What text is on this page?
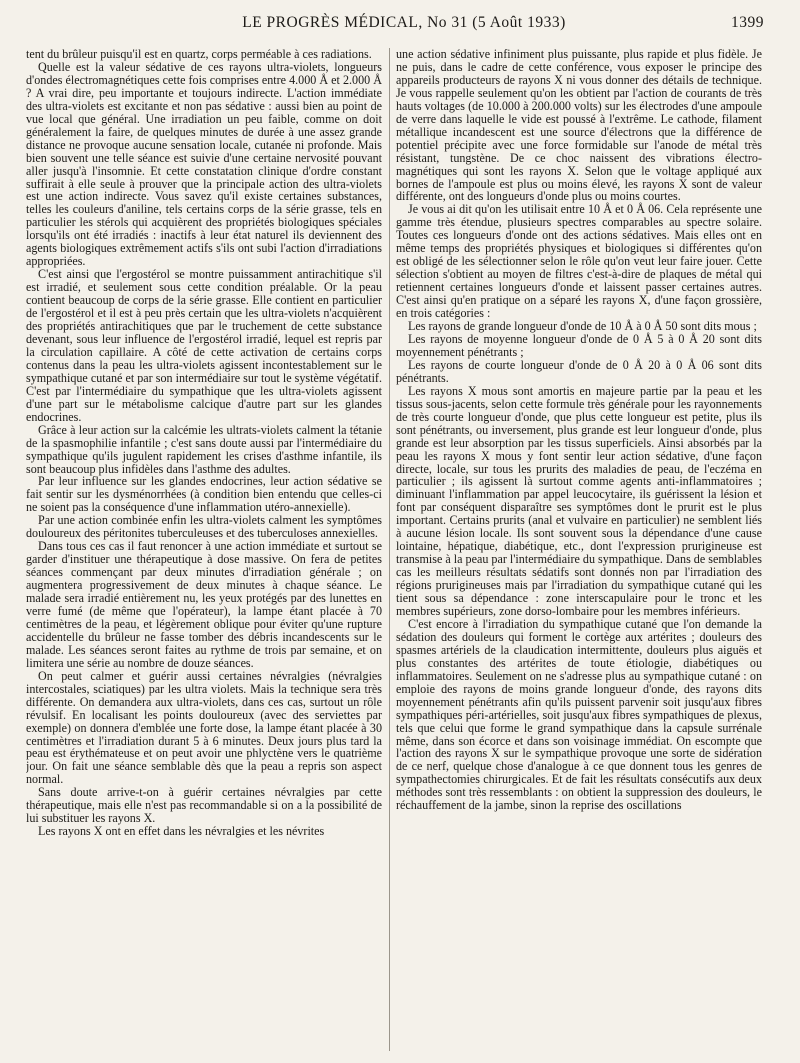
LE PROGRÈS MÉDICAL, No 31 (5 Août 1933)	1399

tent du brûleur puisqu'il est en quartz, corps perméable à ces radiations.

Quelle est la valeur sédative de ces rayons ultra-violets, longueurs d'ondes électromagnétiques cette fois comprises entre 4.000 Å et 2.000 Å ? A vrai dire, peu importante et toujours indirecte. L'action immédiate des ultra-violets est excitante et non pas sédative : aussi bien au point de vue local que général. Une irradiation un peu faible, comme on doit généralement la faire, de quelques minutes de durée à une assez grande distance ne provoque aucune sensation locale, cutanée ni profonde. Mais bien souvent une telle séance est suivie d'une certaine nervosité pouvant aller jusqu'à l'insomnie. Et cette constatation clinique d'ordre constant suffirait à elle seule à prouver que la principale action des ultra-violets est une action indirecte. Vous savez qu'il existe certaines substances, telles les couleurs d'aniline, tels certains corps de la série grasse, tels en particulier les stérols qui acquièrent des propriétés biologiques spéciales lorsqu'ils ont été irradiés : inactifs à leur état naturel ils deviennent des agents biologiques extrêmement actifs s'ils ont subi l'action d'irradiations appropriées.

C'est ainsi que l'ergostérol se montre puissamment antirachitique s'il est irradié, et seulement sous cette condition préalable. Or la peau contient beaucoup de corps de la série grasse. Elle contient en particulier de l'ergostérol et il est à peu près certain que les ultra-violets n'acquièrent des propriétés antirachitiques que par le truchement de cette substance devenant, sous leur influence de l'ergostérol irradié, lequel est repris par la circulation capillaire. A côté de cette activation de certains corps contenus dans la peau les ultra-violets agissent incontestablement sur le sympathique cutané et par son intermédiaire sur tout le système végétatif. C'est par l'intermédiaire du sympathique que les ultra-violets agissent d'une part sur le métabolisme calcique d'autre part sur les glandes endocrines.

Grâce à leur action sur la calcémie les ultrats-violets calment la tétanie de la spasmophilie infantile ; c'est sans doute aussi par l'intermédiaire du sympathique qu'ils jugulent rapidement les crises d'asthme infantile, ils sont beaucoup plus infidèles dans l'asthme des adultes.

Par leur influence sur les glandes endocrines, leur action sédative se fait sentir sur les dysménorrhées (à condition bien entendu que celles-ci ne soient pas la conséquence d'une inflammation utéro-annexielle).

Par une action combinée enfin les ultra-violets calment les symptômes douloureux des péritonites tuberculeuses et des tuberculoses annexielles.

Dans tous ces cas il faut renoncer à une action immédiate et surtout se garder d'instituer une thérapeutique à dose massive. On fera de petites séances commençant par deux minutes d'irradiation générale ; on augmentera progressivement de deux minutes à chaque séance. Le malade sera irradié entièrement nu, les yeux protégés par des lunettes en verre fumé (de même que l'opérateur), la lampe étant placée à 70 centimètres de la peau, et légèrement oblique pour éviter qu'une rupture accidentelle du brûleur ne fasse tomber des débris incandescents sur le malade. Les séances seront faites au rythme de trois par semaine, et on limitera une série au nombre de douze séances.

On peut calmer et guérir aussi certaines névralgies (névralgies intercostales, sciatiques) par les ultra violets. Mais la technique sera très différente. On demandera aux ultra-violets, dans ces cas, surtout un rôle révulsif. En localisant les points douloureux (avec des serviettes par exemple) on donnera d'emblée une forte dose, la lampe étant placée à 30 centimètres et l'irradiation durant 5 à 6 minutes. Deux jours plus tard la peau est érythémateuse et on peut avoir une phlyctène vers le quatrième jour. On fait une séance semblable dès que la peau a repris son aspect normal.

Sans doute arrive-t-on à guérir certaines névralgies par cette thérapeutique, mais elle n'est pas recommandable si on a la possibilité de lui substituer les rayons X.

Les rayons X ont en effet dans les névralgies et les névrites

une action sédative infiniment plus puissante, plus rapide et plus fidèle. Je ne puis, dans le cadre de cette conférence, vous exposer le principe des appareils producteurs de rayons X ni vous donner des détails de technique. Je vous rappelle seulement qu'on les obtient par l'action de courants de très hauts voltages (de 10.000 à 200.000 volts) sur les électrodes d'une ampoule de verre dans laquelle le vide est poussé à l'extrême. Le cathode, filament métallique incandescent est une source d'électrons que la différence de potentiel précipite avec une force formidable sur l'anode de métal très résistant, tungstène. De ce choc naissent des vibrations électro-magnétiques qui sont les rayons X. Selon que le voltage appliqué aux bornes de l'ampoule est plus ou moins élevé, les rayons X sont de valeur différente, ont des longueurs d'onde plus ou moins courtes.

Je vous ai dit qu'on les utilisait entre 10 Å et 0 Å 06. Cela représente une gamme très étendue, plusieurs spectres comparables au spectre solaire. Toutes ces longueurs d'onde ont des actions sédatives. Mais elles ont en même temps des propriétés physiques et biologiques si différentes qu'on est obligé de les sélectionner selon le rôle qu'on veut leur faire jouer. Cette sélection s'obtient au moyen de filtres c'est-à-dire de plaques de métal qui retiennent certaines longueurs d'onde et laissent passer certaines autres. C'est ainsi qu'en pratique on a séparé les rayons X, d'une façon grossière, en trois catégories :

Les rayons de grande longueur d'onde de 10 Å à 0 Å 50 sont dits mous ;

Les rayons de moyenne longueur d'onde de 0 Å 5 à 0 Å 20 sont dits moyennement pénétrants ;

Les rayons de courte longueur d'onde de 0 Å 20 à 0 Å 06 sont dits pénétrants.

Les rayons X mous sont amortis en majeure partie par la peau et les tissus sous-jacents, selon cette formule très générale pour les rayonnements de très courte longueur d'onde, que plus cette longueur est petite, plus ils sont pénétrants, ou inversement, plus grande est leur longueur d'onde, plus grande est leur absorption par les tissus superficiels. Ainsi absorbés par la peau les rayons X mous y font sentir leur action sédative, d'une façon directe, locale, sur tous les prurits des maladies de peau, de l'eczéma en particulier ; ils agissent là surtout comme agents anti-inflammatoires ; diminuant l'inflammation par appel leucocytaire, ils guérissent la lésion et font par conséquent disparaître ses symptômes dont le prurit est le plus important. Certains prurits (anal et vulvaire en particulier) ne semblent liés à aucune lésion locale. Ils sont souvent sous la dépendance d'une cause lointaine, hépatique, diabétique, etc., dont l'expression prurigineuse est transmise à la peau par l'intermédiaire du sympathique. Dans de semblables cas les meilleurs résultats sédatifs sont donnés non par l'irradiation des régions prurigineuses mais par l'irradiation du sympathique cutané qui les tient sous sa dépendance : zone interscapulaire pour le tronc et les membres supérieurs, zone dorso-lombaire pour les membres inférieurs.

C'est encore à l'irradiation du sympathique cutané que l'on demande la sédation des douleurs qui forment le cortège aux artérites ; douleurs des spasmes artériels de la claudication intermittente, douleurs plus aiguës et plus constantes des artérites de toute étiologie, diabétiques ou inflammatoires. Seulement on ne s'adresse plus au sympathique cutané : on emploie des rayons de moins grande longueur d'onde, des rayons dits moyennement pénétrants afin qu'ils puissent parvenir soit jusqu'aux fibres sympathiques péri-artérielles, soit jusqu'aux fibres sympathiques de plexus, tels que celui que forme le grand sympathique dans la capsule surrénale même, dans son écorce et dans son voisinage immédiat. On escompte que l'action des rayons X sur le sympathique provoque une sorte de sidération de ce nerf, quelque chose d'analogue à ce que donnent tous les genres de sympathectomies chirurgicales. Et de fait les résultats consécutifs aux deux méthodes sont très ressemblants : on obtient la suppression des douleurs, le réchauffement de la jambe, sinon la reprise des oscillations
